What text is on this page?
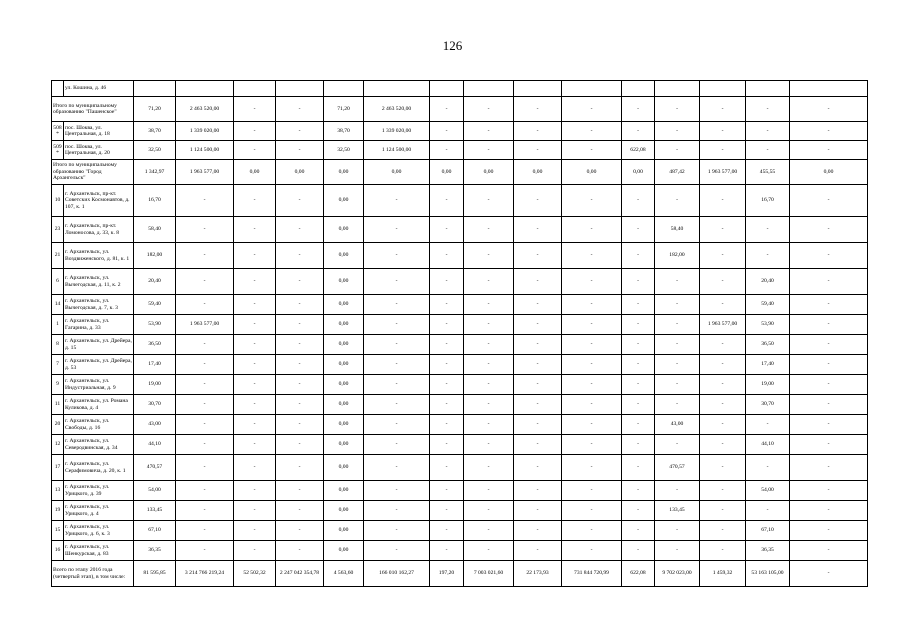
126
	ул. Кошина, д. 46																
Итого по муниципальному образованию "Пашенское"		71,20	2 463 520,00	-	-	71,20	2 463 520,00	-	-	-	-	-	-	-	-	-	
508 *	пос. Шоква, ул. Центральная, д. 18	38,70	1 339 020,00	-	-	38,70	1 339 020,00	-	-	-	-	-	-	-	-	-	
509 *	пос. Шоква, ул. Центральная, д. 20	32,50	1 124 500,00	-	-	32,50	1 124 500,00	-	-	-	-	622,08	-	-	-	-	
Итого по муниципальному образованию "Город Архангельск"		1 342,97	1 963 577,00	0,00	0,00	0,00	0,00	0,00	0,00	0,00	0,00	0,00	487,42	1 963 577,00	455,55	0,00	
10	г. Архангельск, пр-кт. Советских Космонавтов, д. 107, к. 1	16,70	-	-	-	0,00	-	-	-	-	-	-	-	-	16,70	-	
23	г. Архангельск, пр-кт. Ломоносова, д. 33, к. 8	58,40	-	-	-	0,00	-	-	-	-	-	-	58,40	-	-	-	
21	г. Архангельск, ул. Воздвиженского, д. 81, к. 1	182,00	-	-	-	0,00	-	-	-	-	-	-	182,00	-	-	-	
6	г. Архангельск, ул. Вычегодская, д. 11, к. 2	20,40	-	-	-	0,00	-	-	-	-	-	-	-	-	20,40	-	
14	г. Архангельск, ул. Вычегодская, д. 7, к. 3	59,40	-	-	-	0,00	-	-	-	-	-	-	-	-	59,40	-	
1	г. Архангельск, ул. Гагарина, д. 33	53,90	1 963 577,00	-	-	0,00	-	-	-	-	-	-	-	1 963 577,00	53,90	-	
8	г. Архангельск, ул. Дрейера, д. 15	36,50	-	-	-	0,00	-	-	-	-	-	-	-	-	36,50	-	
7	г. Архангельск, ул. Дрейера, д. 53	17,40	-	-	-	0,00	-	-	-	-	-	-	-	-	17,40	-	
9	г. Архангельск, ул. Индустриальная, д. 9	19,00	-	-	-	0,00	-	-	-	-	-	-	-	-	19,00	-	
11	г. Архангельск, ул. Романа Куликова, д. 4	30,70	-	-	-	0,00	-	-	-	-	-	-	-	-	30,70	-	
20	г. Архангельск, ул. Свободы, д. 16	43,00	-	-	-	0,00	-	-	-	-	-	-	43,00	-	-	-	
12	г. Архангельск, ул. Северодвинская, д. 34	44,10	-	-	-	0,00	-	-	-	-	-	-	-	-	44,10	-	
17	г. Архангельск, ул. Серафимовича, д. 20, к. 1	470,57	-	-	-	0,00	-	-	-	-	-	-	470,57	-	-	-	
13	г. Архангельск, ул. Урицкого, д. 39	54,00	-	-	-	0,00	-	-	-	-	-	-	-	-	54,00	-	
19	г. Архангельск, ул. Урицкого, д. 4	133,45	-	-	-	0,00	-	-	-	-	-	-	133,45	-	-	-	
15	г. Архангельск, ул. Урицкого, д. 6, к. 3	67,10	-	-	-	0,00	-	-	-	-	-	-	-	-	67,10	-	
16	г. Архангельск, ул. Шенкурская, д. 83	36,35	-	-	-	0,00	-	-	-	-	-	-	-	-	36,35	-	
Всего по этапу 2016 года (четвертый этап), в том числе:		81 595,85	3 214 766 219,24	52 502,32	2 247 042 354,78	4 563,60	166 010 162,27	197,20	7 003 021,60	22 173,93	731 844 720,99	622,08	9 702 023,00	1 459,32	53 163 105,00	-	
